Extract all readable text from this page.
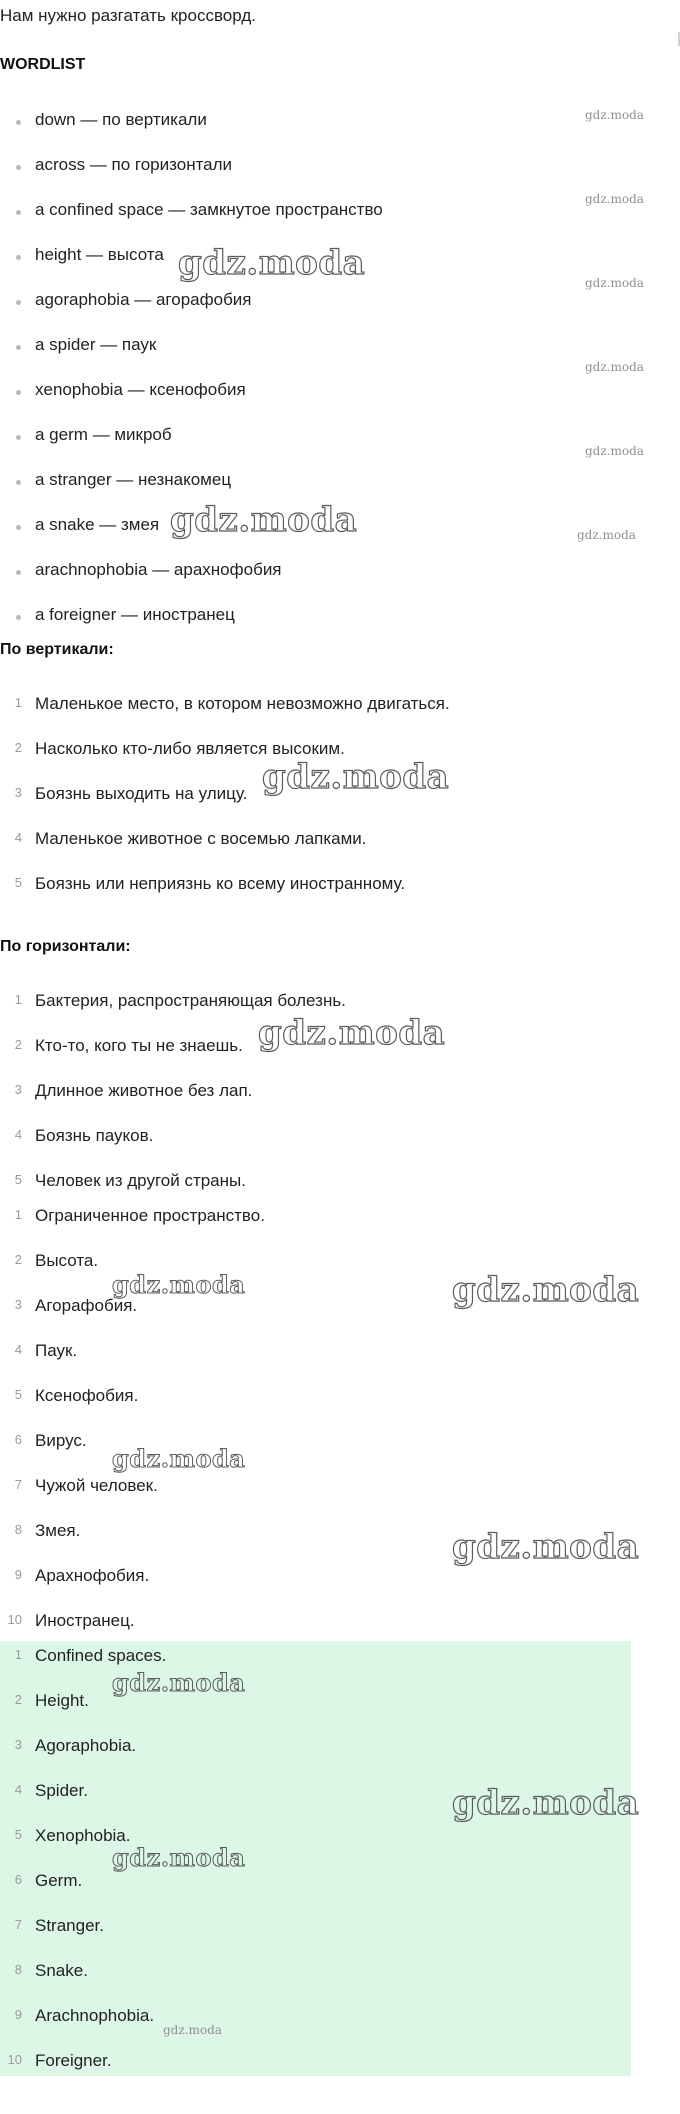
Нам нужно разгатать кроссворд.
WORDLIST
down — по вертикали
across — по горизонтали
a confined space — замкнутое пространство
height — высота
agoraphobia — агорафобия
a spider — паук
xenophobia — ксенофобия
a germ — микроб
a stranger — незнакомец
a snake — змея
arachnophobia — арахнофобия
a foreigner — иностранец
По вертикали:
1 Маленькое место, в котором невозможно двигаться.
2 Насколько кто-либо является высоким.
3 Боязнь выходить на улицу.
4 Маленькое животное с восемью лапками.
5 Боязнь или неприязнь ко всему иностранному.
По горизонтали:
1 Бактерия, распространяющая болезнь.
2 Кто-то, кого ты не знаешь.
3 Длинное животное без лап.
4 Боязнь пауков.
5 Человек из другой страны.
1 Ограниченное пространство.
2 Высота.
3 Агорафобия.
4 Паук.
5 Ксенофобия.
6 Вирус.
7 Чужой человек.
8 Змея.
9 Арахнофобия.
10 Иностранец.
1 Confined spaces.
2 Height.
3 Agoraphobia.
4 Spider.
5 Xenophobia.
6 Germ.
7 Stranger.
8 Snake.
9 Arachnophobia.
10 Foreigner.
gdz.moda
gdz.moda
gdz.moda
gdz.moda
gdz.moda
gdz.moda
gdz.moda
gdz.moda
gdz.moda
gdz.moda
gdz.moda
gdz.moda
gdz.moda
gdz.moda
gdz.moda
gdz.moda
gdz.moda
gdz.moda
